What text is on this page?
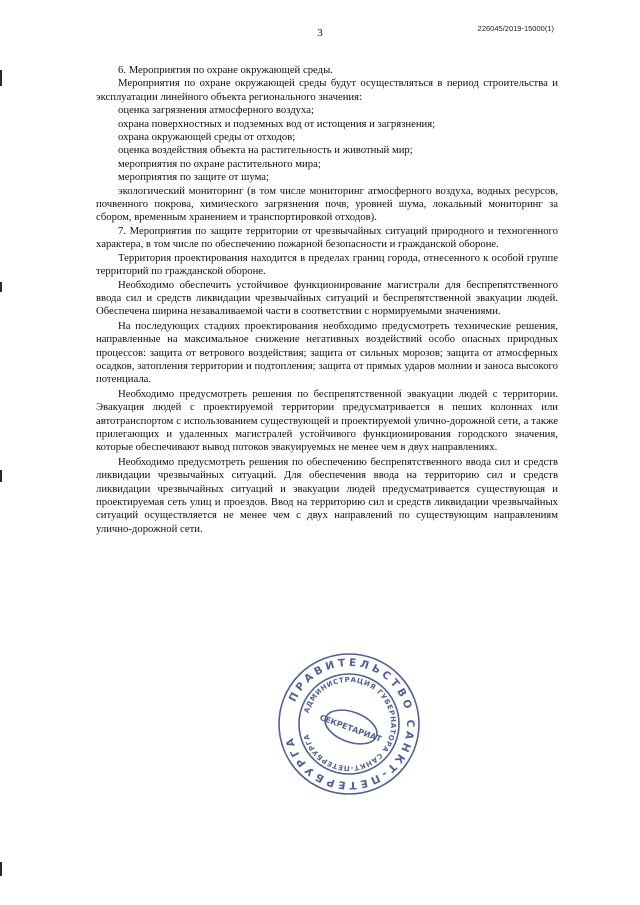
3	226045/2019-15000(1)

6. Мероприятия по охране окружающей среды.

Мероприятия по охране окружающей среды будут осуществляться в период строительства и эксплуатации линейного объекта регионального значения:

оценка загрязнения атмосферного воздуха;

охрана поверхностных и подземных вод от истощения и загрязнения;

охрана окружающей среды от отходов;

оценка воздействия объекта на растительность и животный мир;

мероприятия по охране растительного мира;

мероприятия по защите от шума;

экологический мониторинг (в том числе мониторинг атмосферного воздуха, водных ресурсов, почвенного покрова, химического загрязнения почв, уровней шума, локальный мониторинг за сбором, временным хранением и транспортировкой отходов).

7. Мероприятия по защите территории от чрезвычайных ситуаций природного и техногенного характера, в том числе по обеспечению пожарной безопасности и гражданской обороне.

Территория проектирования находится в пределах границ города, отнесенного к особой группе территорий по гражданской обороне.

Необходимо обеспечить устойчивое функционирование магистрали для беспрепятственного ввода сил и средств ликвидации чрезвычайных ситуаций и беспрепятственной эвакуации людей. Обеспечена ширина незаваливаемой части в соответствии с нормируемыми значениями.

На последующих стадиях проектирования необходимо предусмотреть технические решения, направленные на максимальное снижение негативных воздействий особо опасных природных процессов: защита от ветрового воздействия; защита от сильных морозов; защита от атмосферных осадков, затопления территории и подтопления; защита от прямых ударов молнии и заноса высокого потенциала.

Необходимо предусмотреть решения по беспрепятственной эвакуации людей с территории. Эвакуация людей с проектируемой территории предусматривается в пеших колоннах или автотранспортом с использованием существующей и проектируемой улично-дорожной сети, а также прилегающих и удаленных магистралей устойчивого функционирования городского значения, которые обеспечивают вывод потоков эвакуируемых не менее чем в двух направлениях.

Необходимо предусмотреть решения по обеспечению беспрепятственного ввода сил и средств ликвидации чрезвычайных ситуаций. Для обеспечения ввода на территорию сил и средств ликвидации чрезвычайных ситуаций и эвакуации людей предусматривается существующая и проектируемая сеть улиц и проездов. Ввод на территорию сил и средств ликвидации чрезвычайных ситуаций осуществляется не менее чем с двух направлений по существующим направлениям улично-дорожной сети.

ПРАВИТЕЛЬСТВО САНКТ-ПЕТЕРБУРГА
АДМИНИСТРАЦИЯ ГУБЕРНАТОРА САНКТ-ПЕТЕРБУРГА СЕКРЕТАРИАТ
